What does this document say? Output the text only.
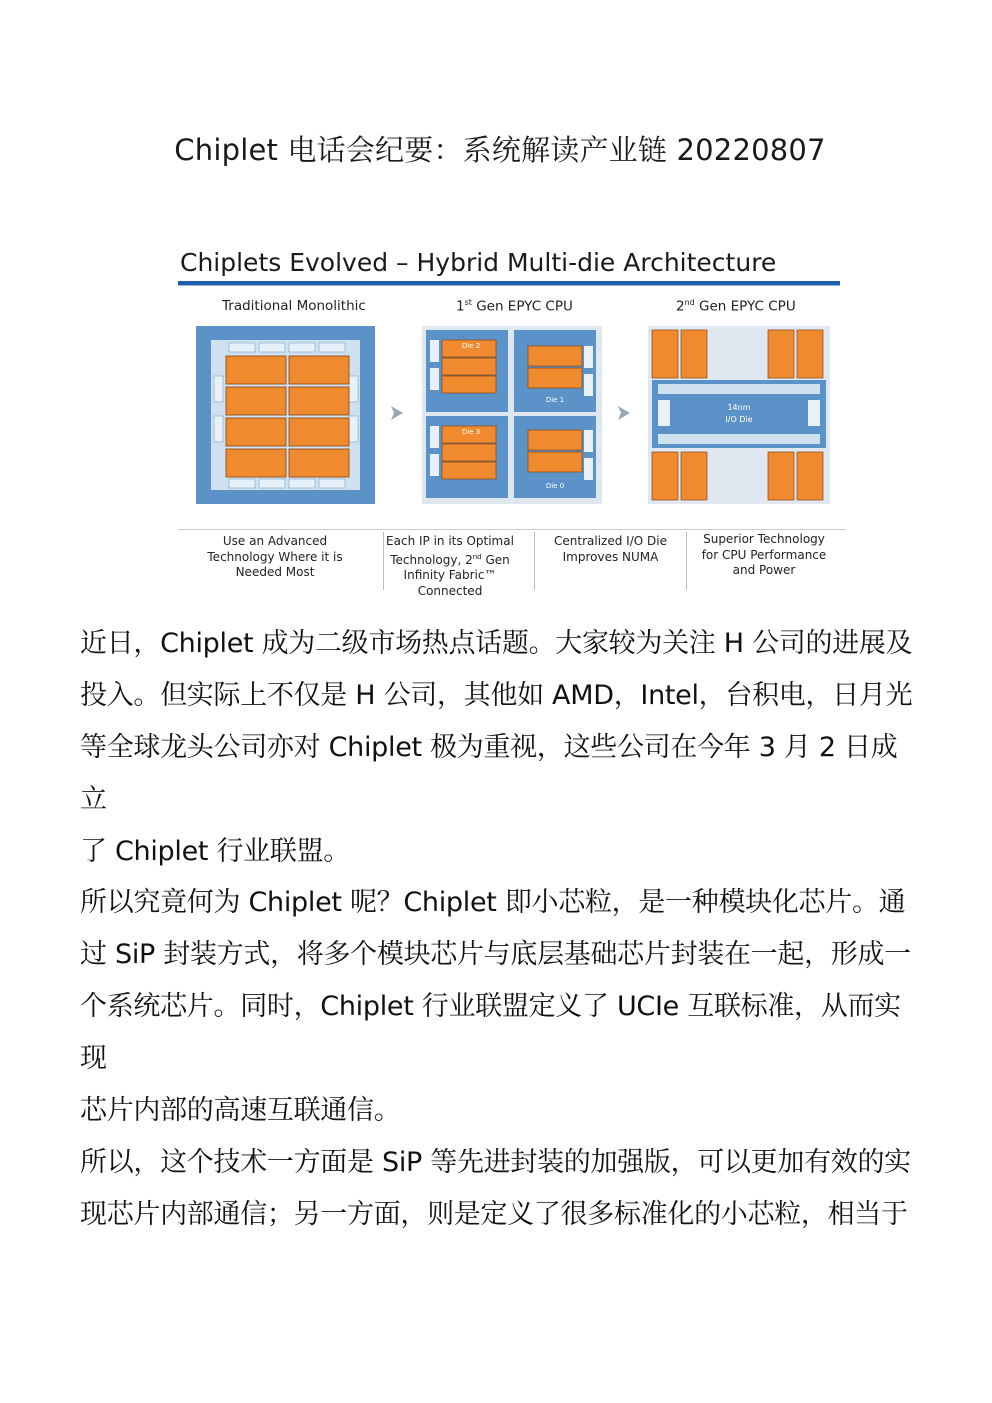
Chiplet 电话会纪要：系统解读产业链 20220807
Chiplets Evolved – Hybrid Multi-die Architecture
Traditional Monolithic	1st Gen EPYC CPU	2nd Gen EPYC CPU
Die 2
Die 1
Die 3
Die 0
14nm
I/O Die
Use an Advanced
Technology Where it is
Needed Most
Each IP in its Optimal
Technology, 2nd Gen
Infinity Fabric™
Connected
Centralized I/O Die
Improves NUMA
Superior Technology
for CPU Performance
and Power
近日，Chiplet 成为二级市场热点话题。大家较为关注 H 公司的进展及
投入。但实际上不仅是 H 公司，其他如 AMD，Intel，台积电，日月光
等全球龙头公司亦对 Chiplet 极为重视，这些公司在今年 3 月 2 日成立
了 Chiplet 行业联盟。
所以究竟何为 Chiplet 呢？Chiplet 即小芯粒，是一种模块化芯片。通
过 SiP 封装方式，将多个模块芯片与底层基础芯片封装在一起，形成一
个系统芯片。同时，Chiplet 行业联盟定义了 UCIe 互联标准，从而实现
芯片内部的高速互联通信。
所以，这个技术一方面是 SiP 等先进封装的加强版，可以更加有效的实
现芯片内部通信；另一方面，则是定义了很多标准化的小芯粒，相当于
